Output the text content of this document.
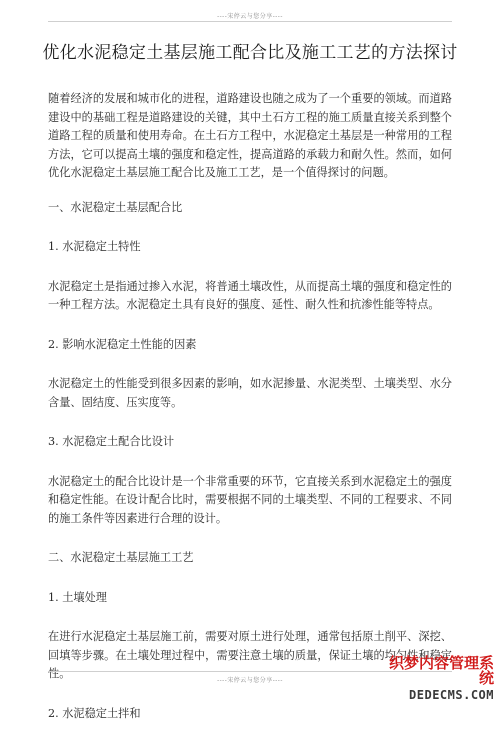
----宋停云与您分享----
优化水泥稳定土基层施工配合比及施工工艺的方法探讨

随着经济的发展和城市化的进程，道路建设也随之成为了一个重要的领域。而道路建设中的基础工程是道路建设的关键，其中土石方工程的施工质量直接关系到整个道路工程的质量和使用寿命。在土石方工程中，水泥稳定土基层是一种常用的工程方法，它可以提高土壤的强度和稳定性，提高道路的承载力和耐久性。然而，如何优化水泥稳定土基层施工配合比及施工工艺，是一个值得探讨的问题。

一、水泥稳定土基层配合比

1. 水泥稳定土特性

水泥稳定土是指通过掺入水泥，将普通土壤改性，从而提高土壤的强度和稳定性的一种工程方法。水泥稳定土具有良好的强度、延性、耐久性和抗渗性能等特点。

2. 影响水泥稳定土性能的因素

水泥稳定土的性能受到很多因素的影响，如水泥掺量、水泥类型、土壤类型、水分含量、固结度、压实度等。

3. 水泥稳定土配合比设计

水泥稳定土的配合比设计是一个非常重要的环节，它直接关系到水泥稳定土的强度和稳定性能。在设计配合比时，需要根据不同的土壤类型、不同的工程要求、不同的施工条件等因素进行合理的设计。

二、水泥稳定土基层施工工艺

1. 土壤处理

在进行水泥稳定土基层施工前，需要对原土进行处理，通常包括原土削平、深挖、回填等步骤。在土壤处理过程中，需要注意土壤的质量，保证土壤的均匀性和稳定性。

2. 水泥稳定土拌和

----宋停云与您分享----
织梦内容管理系统
DEDECMS.COM
